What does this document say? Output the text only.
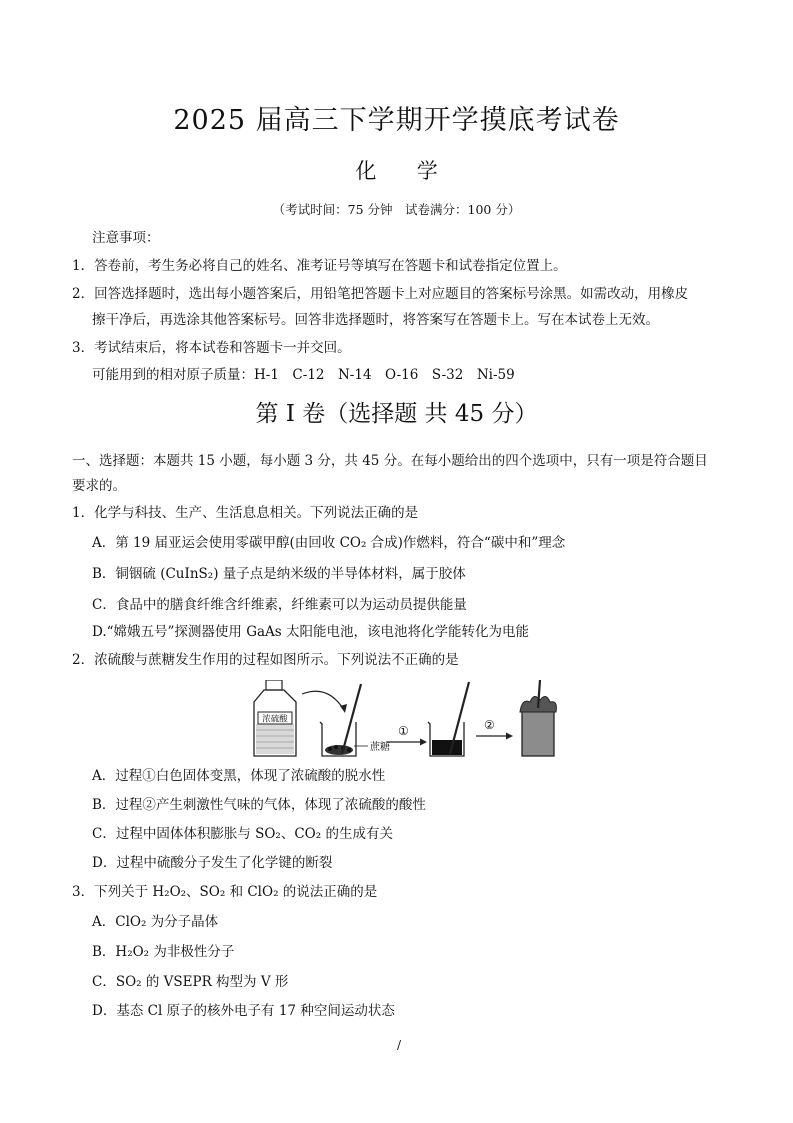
2025 届高三下学期开学摸底考试卷
化 学
（考试时间：75 分钟　试卷满分：100 分）
注意事项：
1．答卷前，考生务必将自己的姓名、准考证号等填写在答题卡和试卷指定位置上。
2．回答选择题时，选出每小题答案后，用铅笔把答题卡上对应题目的答案标号涂黑。如需改动，用橡皮
擦干净后，再选涂其他答案标号。回答非选择题时，将答案写在答题卡上。写在本试卷上无效。
3．考试结束后，将本试卷和答题卡一并交回。
可能用到的相对原子质量：H-1　C-12　N-14　O-16　S-32　Ni-59
第 I 卷（选择题 共 45 分）
一、选择题：本题共 15 小题，每小题 3 分，共 45 分。在每小题给出的四个选项中，只有一项是符合题目
要求的。
1．化学与科技、生产、生活息息相关。下列说法正确的是
A．第 19 届亚运会使用零碳甲醇(由回收 CO₂ 合成)作燃料，符合“碳中和”理念
B．铜铟硫 (CuInS₂) 量子点是纳米级的半导体材料，属于胶体
C．食品中的膳食纤维含纤维素，纤维素可以为运动员提供能量
D.“嫦娥五号”探测器使用 GaAs 太阳能电池，该电池将化学能转化为电能
2．浓硫酸与蔗糖发生作用的过程如图所示。下列说法不正确的是
浓硫酸
蔗糖
①	②
A．过程①白色固体变黑，体现了浓硫酸的脱水性
B．过程②产生刺激性气味的气体，体现了浓硫酸的酸性
C．过程中固体体积膨胀与 SO₂、CO₂ 的生成有关
D．过程中硫酸分子发生了化学键的断裂
3．下列关于 H₂O₂、SO₂ 和 ClO₂ 的说法正确的是
A．ClO₂ 为分子晶体
B．H₂O₂ 为非极性分子
C．SO₂ 的 VSEPR 构型为 V 形
D．基态 Cl 原子的核外电子有 17 种空间运动状态
/
